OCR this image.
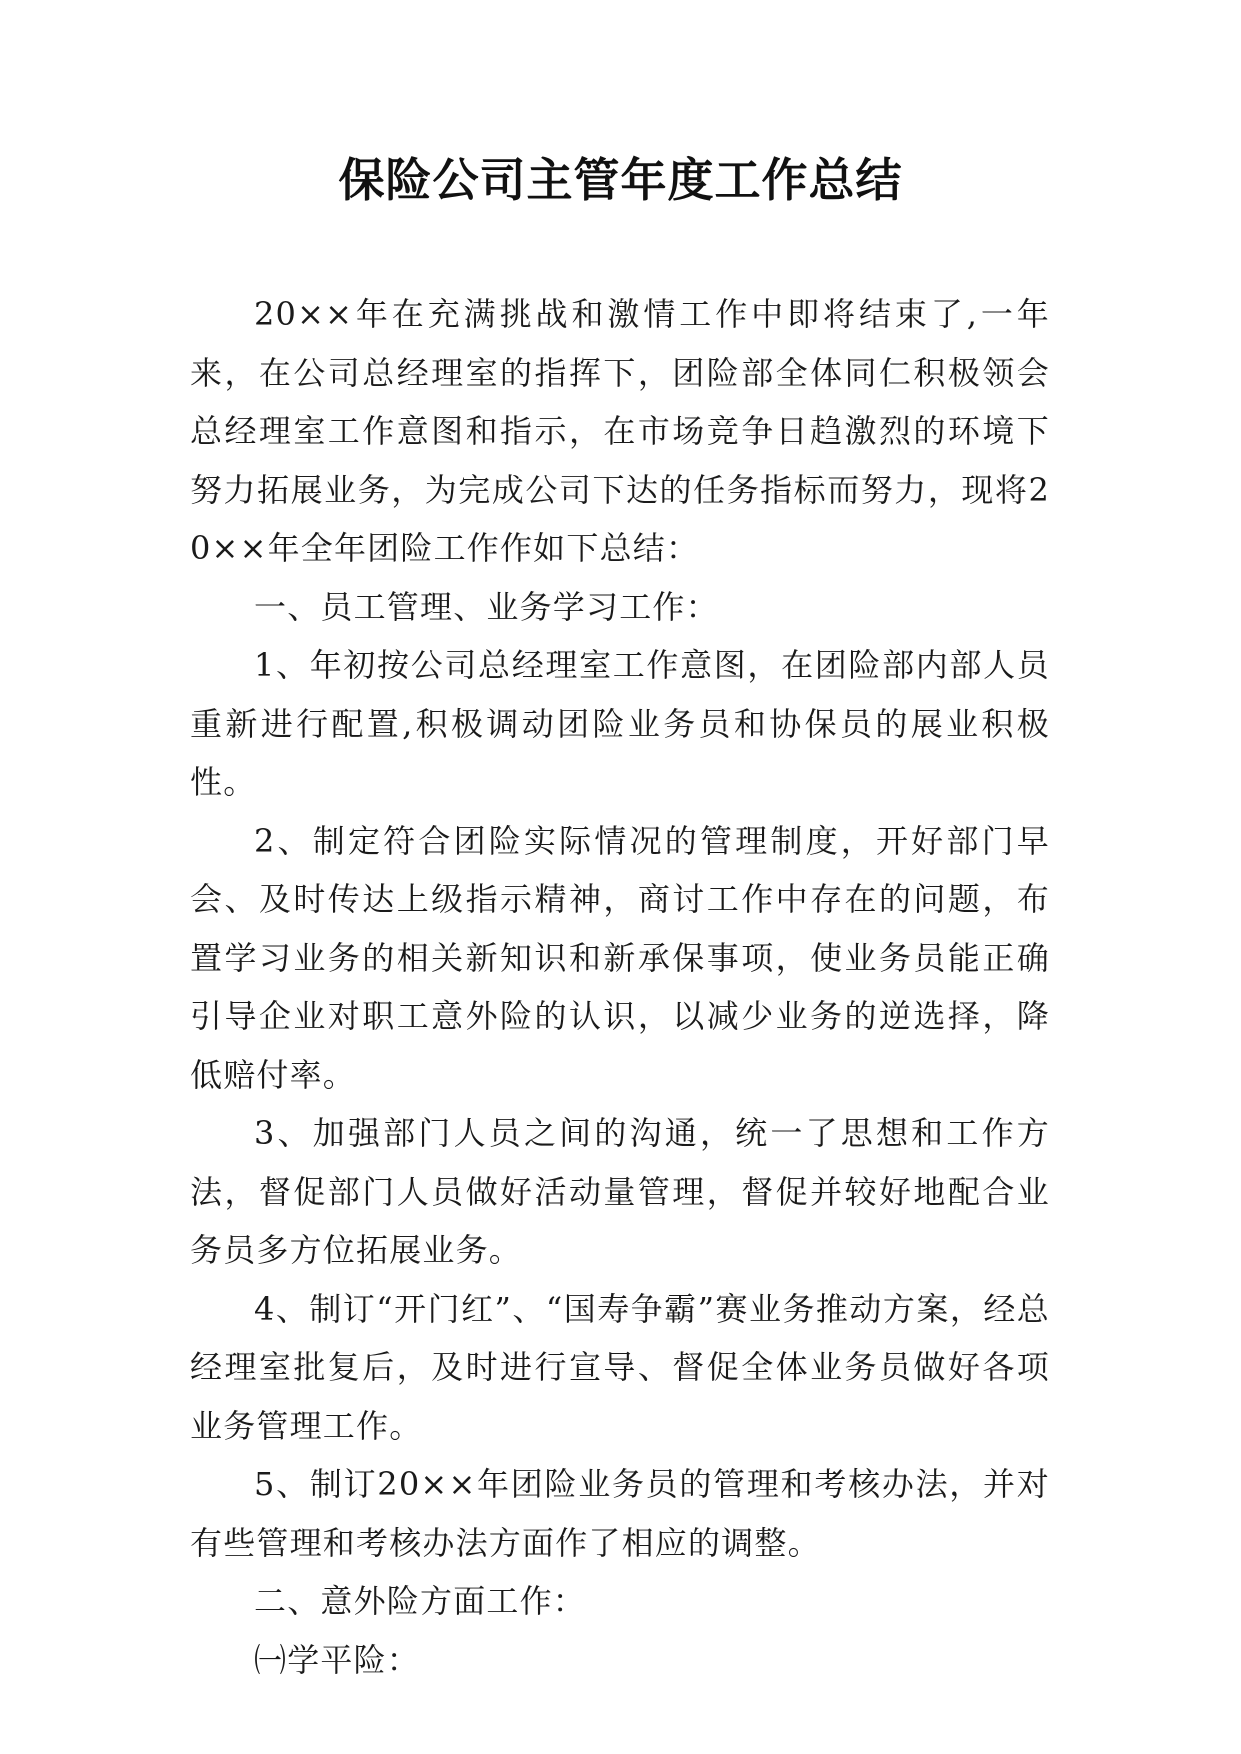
保险公司主管年度工作总结

20××年在充满挑战和激情工作中即将结束了,一年来，在公司总经理室的指挥下，团险部全体同仁积极领会总经理室工作意图和指示，在市场竞争日趋激烈的环境下努力拓展业务，为完成公司下达的任务指标而努力，现将20××年全年团险工作作如下总结：

一、员工管理、业务学习工作：

1、年初按公司总经理室工作意图，在团险部内部人员重新进行配置,积极调动团险业务员和协保员的展业积极性。

2、制定符合团险实际情况的管理制度，开好部门早会、及时传达上级指示精神，商讨工作中存在的问题，布置学习业务的相关新知识和新承保事项，使业务员能正确引导企业对职工意外险的认识，以减少业务的逆选择，降低赔付率。

3、加强部门人员之间的沟通，统一了思想和工作方法，督促部门人员做好活动量管理，督促并较好地配合业务员多方位拓展业务。

4、制订“开门红”、“国寿争霸”赛业务推动方案，经总经理室批复后，及时进行宣导、督促全体业务员做好各项业务管理工作。

5、制订20××年团险业务员的管理和考核办法，并对有些管理和考核办法方面作了相应的调整。

二、意外险方面工作：

㈠学平险：
